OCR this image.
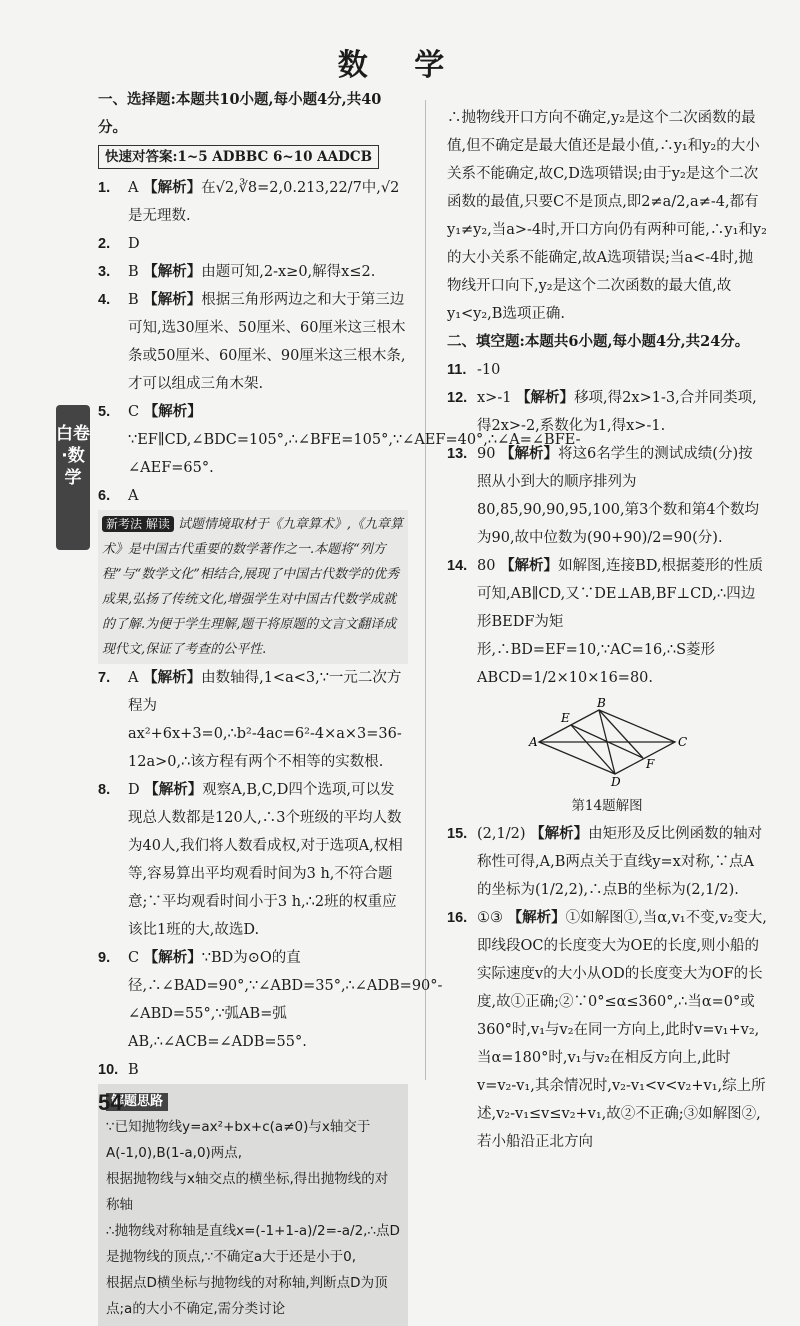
数 学
白卷·数学

一、选择题:本题共10小题,每小题4分,共40分。

快速对答案:1~5 ADBBC 6~10 AADCB

1. A 【解析】在√2,∛8=2,0.213,22/7中,√2是无理数.

2. D

3. B 【解析】由题可知,2-x≥0,解得x≤2.

4. B 【解析】根据三角形两边之和大于第三边可知,选30厘米、50厘米、60厘米这三根木条或50厘米、60厘米、90厘米这三根木条,才可以组成三角木架.

5. C 【解析】∵EF∥CD,∠BDC=105°,∴∠BFE=105°,∵∠AEF=40°,∴∠A=∠BFE-∠AEF=65°.

6. A

新考法 解读 试题情境取材于《九章算术》,《九章算术》是中国古代重要的数学著作之一.本题将“列方程”与“数学文化”相结合,展现了中国古代数学的优秀成果,弘扬了传统文化,增强学生对中国古代数学成就的了解.为便于学生理解,题干将原题的文言文翻译成现代文,保证了考查的公平性.

7. A 【解析】由数轴得,1<a<3,∵一元二次方程为ax²+6x+3=0,∴b²-4ac=6²-4×a×3=36-12a>0,∴该方程有两个不相等的实数根.

8. D 【解析】观察A,B,C,D四个选项,可以发现总人数都是120人,∴3个班级的平均人数为40人,我们将人数看成权,对于选项A,权相等,容易算出平均观看时间为3 h,不符合题意;∵平均观看时间小于3 h,∴2班的权重应该比1班的大,故选D.

9. C 【解析】∵BD为⊙O的直径,∴∠BAD=90°,∵∠ABD=35°,∴∠ADB=90°-∠ABD=55°,∵弧AB=弧AB,∴∠ACB=∠ADB=55°.

10. B

解题思路
∵已知抛物线y=ax²+bx+c(a≠0)与x轴交于
A(-1,0),B(1-a,0)两点,
根据抛物线与x轴交点的横坐标,得出抛物线的对称轴
∴抛物线对称轴是直线x=(-1+1-a)/2=-a/2,∴点D
是抛物线的顶点,∵不确定a大于还是小于0,
根据点D横坐标与抛物线的对称轴,判断点D为顶点;a的大小不确定,需分类讨论

∴抛物线开口方向不确定,y₂是这个二次函数的最值,但不确定是最大值还是最小值,∴y₁和y₂的大小关系不能确定,故C,D选项错误;由于y₂是这个二次函数的最值,只要C不是顶点,即2≠a/2,a≠-4,都有y₁≠y₂,当a>-4时,开口方向仍有两种可能,∴y₁和y₂的大小关系不能确定,故A选项错误;当a<-4时,抛物线开口向下,y₂是这个二次函数的最大值,故y₁<y₂,B选项正确.

二、填空题:本题共6小题,每小题4分,共24分。

11. -10

12. x>-1 【解析】移项,得2x>1-3,合并同类项,得2x>-2,系数化为1,得x>-1.

13. 90 【解析】将这6名学生的测试成绩(分)按照从小到大的顺序排列为80,85,90,90,95,100,第3个数和第4个数均为90,故中位数为(90+90)/2=90(分).

14. 80 【解析】如解图,连接BD,根据菱形的性质可知,AB∥CD,又∵DE⊥AB,BF⊥CD,∴四边形BEDF为矩形,∴BD=EF=10,∵AC=16,∴S菱形ABCD=1/2×10×16=80.

A
B
C
D
E
F
第14题解图

15. (2,1/2) 【解析】由矩形及反比例函数的轴对称性可得,A,B两点关于直线y=x对称,∵点A的坐标为(1/2,2),∴点B的坐标为(2,1/2).

16. ①③ 【解析】①如解图①,当α,v₁不变,v₂变大,即线段OC的长度变大为OE的长度,则小船的实际速度v的大小从OD的长度变大为OF的长度,故①正确;②∵0°≤α≤360°,∴当α=0°或360°时,v₁与v₂在同一方向上,此时v=v₁+v₂,当α=180°时,v₁与v₂在相反方向上,此时v=v₂-v₁,其余情况时,v₂-v₁<v<v₂+v₁,综上所述,v₂-v₁≤v≤v₂+v₁,故②不正确;③如解图②,若小船沿正北方向

54
